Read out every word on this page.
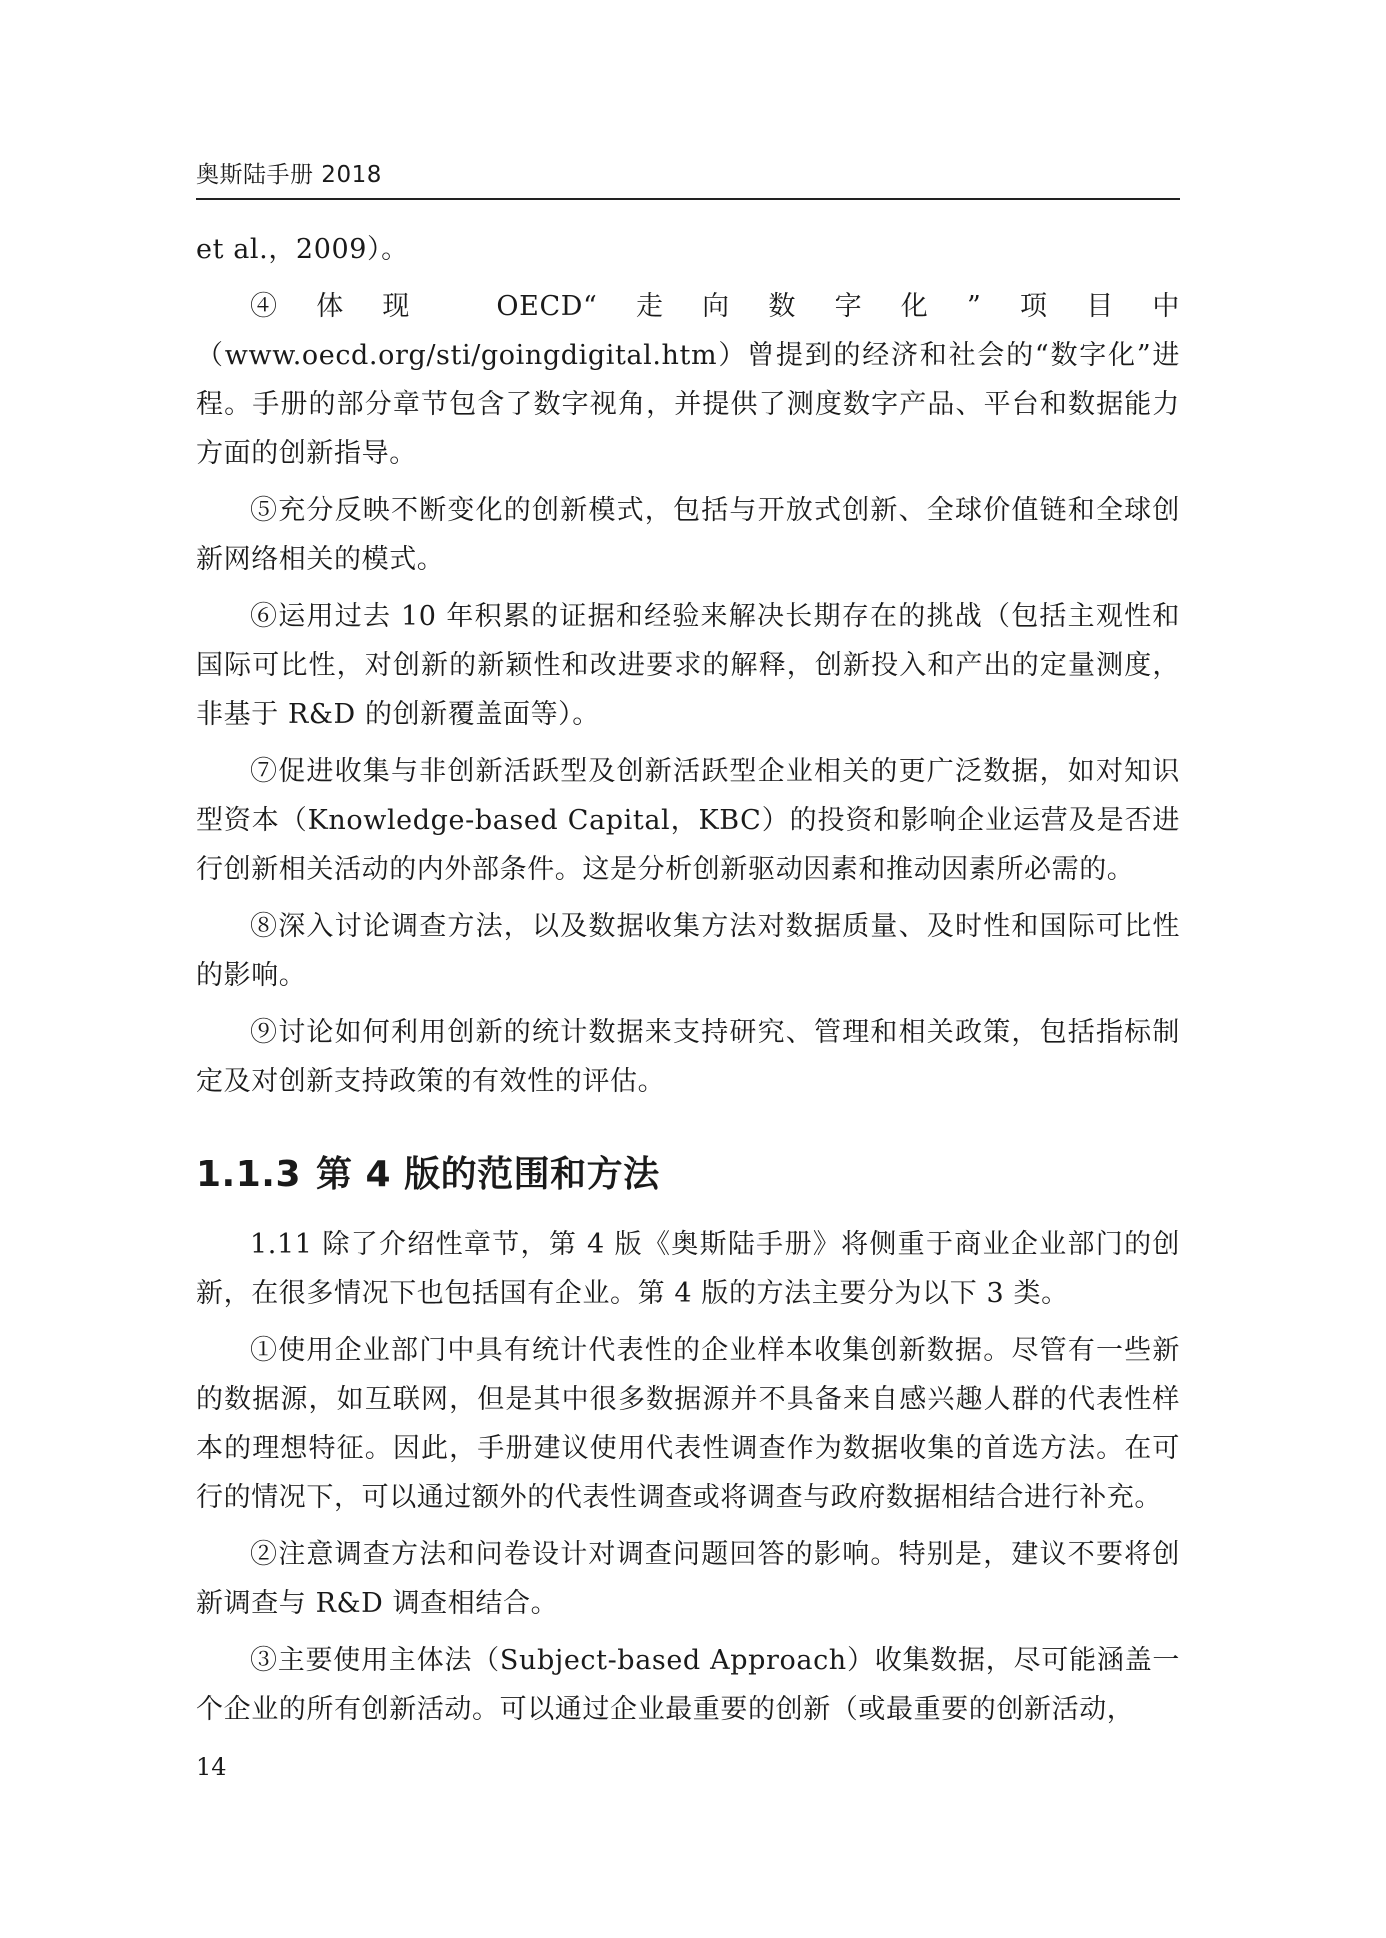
奥斯陆手册 2018

et al.，2009）。

④体现 OECD“走向数字化”项目中（www.oecd.org/sti/goingdigital.htm）曾提到的经济和社会的“数字化”进程。手册的部分章节包含了数字视角，并提供了测度数字产品、平台和数据能力方面的创新指导。

⑤充分反映不断变化的创新模式，包括与开放式创新、全球价值链和全球创新网络相关的模式。

⑥运用过去 10 年积累的证据和经验来解决长期存在的挑战（包括主观性和国际可比性，对创新的新颖性和改进要求的解释，创新投入和产出的定量测度，非基于 R&D 的创新覆盖面等）。

⑦促进收集与非创新活跃型及创新活跃型企业相关的更广泛数据，如对知识型资本（Knowledge-based Capital，KBC）的投资和影响企业运营及是否进行创新相关活动的内外部条件。这是分析创新驱动因素和推动因素所必需的。

⑧深入讨论调查方法，以及数据收集方法对数据质量、及时性和国际可比性的影响。

⑨讨论如何利用创新的统计数据来支持研究、管理和相关政策，包括指标制定及对创新支持政策的有效性的评估。

1.1.3 第 4 版的范围和方法

1.11 除了介绍性章节，第 4 版《奥斯陆手册》将侧重于商业企业部门的创新，在很多情况下也包括国有企业。第 4 版的方法主要分为以下 3 类。

①使用企业部门中具有统计代表性的企业样本收集创新数据。尽管有一些新的数据源，如互联网，但是其中很多数据源并不具备来自感兴趣人群的代表性样本的理想特征。因此，手册建议使用代表性调查作为数据收集的首选方法。在可行的情况下，可以通过额外的代表性调查或将调查与政府数据相结合进行补充。

②注意调查方法和问卷设计对调查问题回答的影响。特别是，建议不要将创新调查与 R&D 调查相结合。

③主要使用主体法（Subject-based Approach）收集数据，尽可能涵盖一个企业的所有创新活动。可以通过企业最重要的创新（或最重要的创新活动，

14
